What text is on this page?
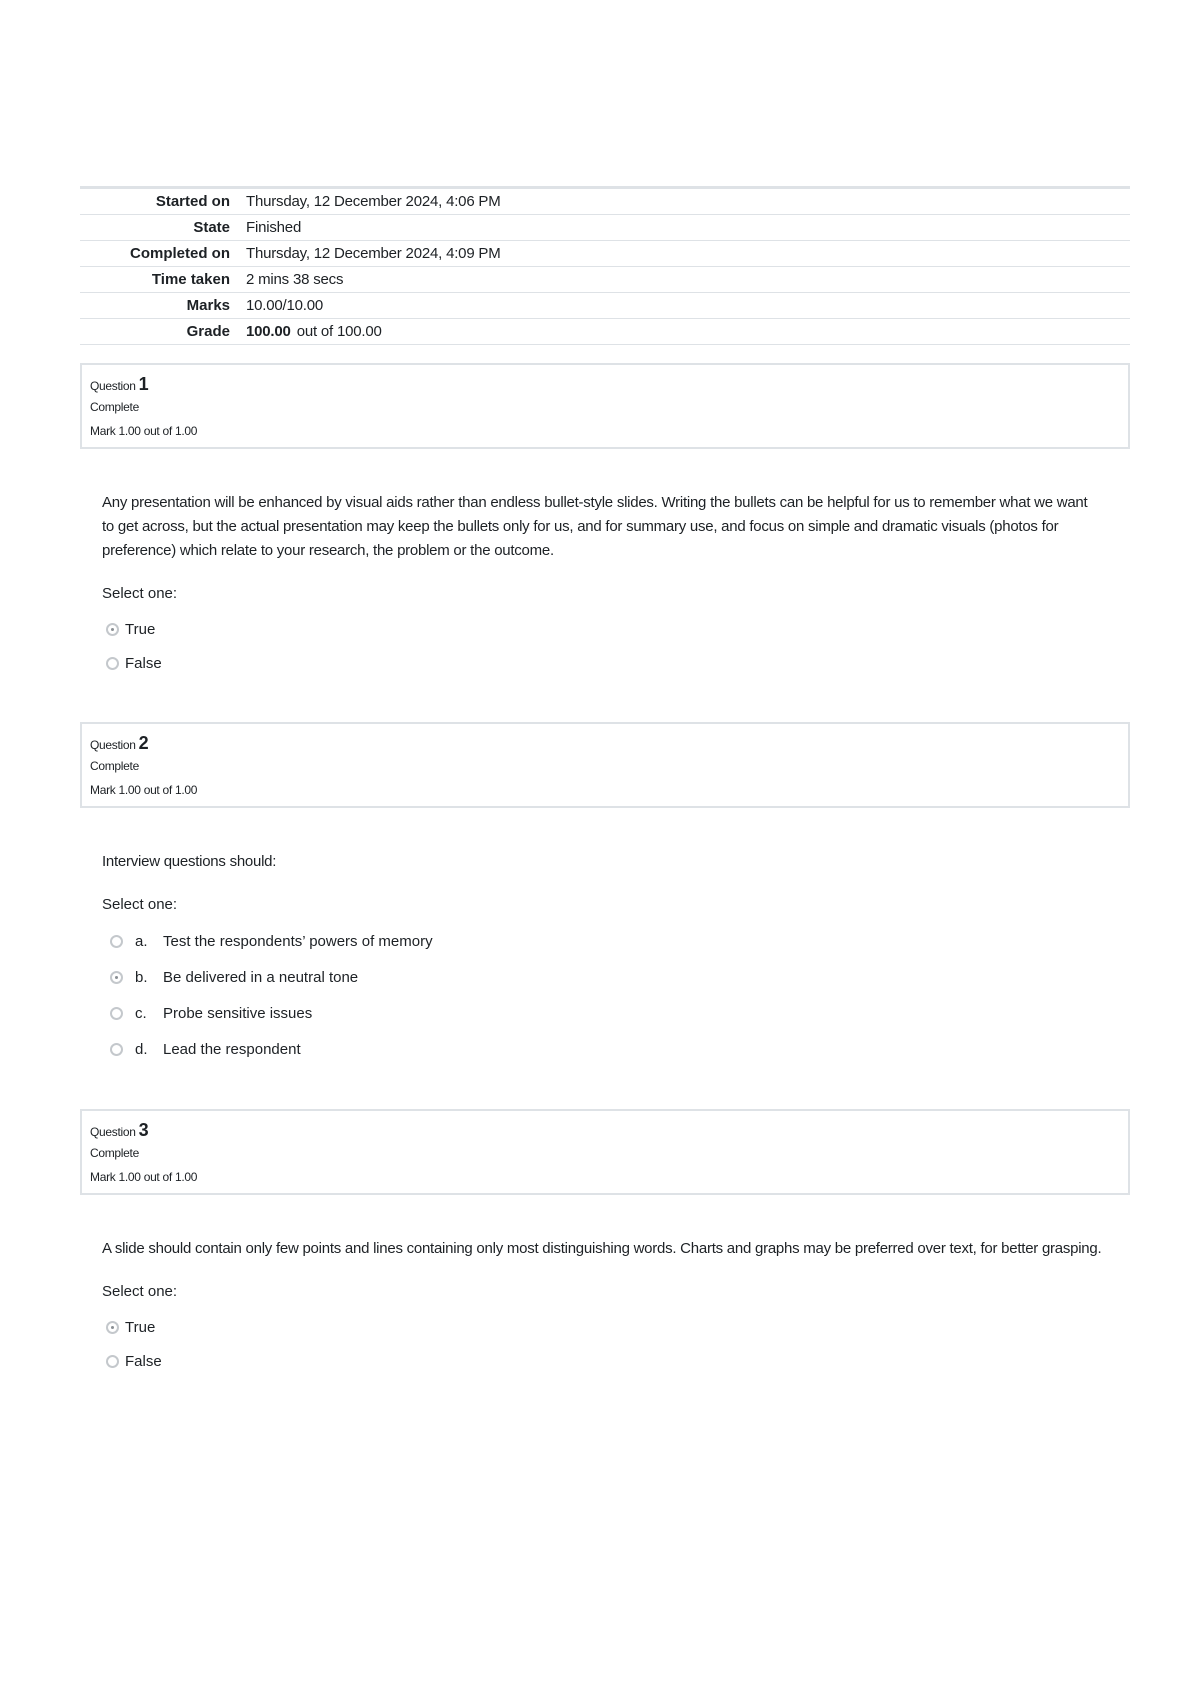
Started on	Thursday, 12 December 2024, 4:06 PM
State	Finished
Completed on	Thursday, 12 December 2024, 4:09 PM
Time taken	2 mins 38 secs
Marks	10.00/10.00
Grade	100.00 out of 100.00
Question 1
Complete
Mark 1.00 out of 1.00
Any presentation will be enhanced by visual aids rather than endless bullet-style slides. Writing the bullets can be helpful for us to remember what we want to get across, but the actual presentation may keep the bullets only for us, and for summary use, and focus on simple and dramatic visuals (photos for preference) which relate to your research, the problem or the outcome.
Select one:
True
False
Question 2
Complete
Mark 1.00 out of 1.00
Interview questions should:
Select one:
a.	Test the respondents’ powers of memory
b.	Be delivered in a neutral tone
c.	Probe sensitive issues
d.	Lead the respondent
Question 3
Complete
Mark 1.00 out of 1.00
A slide should contain only few points and lines containing only most distinguishing words. Charts and graphs may be preferred over text, for better grasping.
Select one:
True
False
